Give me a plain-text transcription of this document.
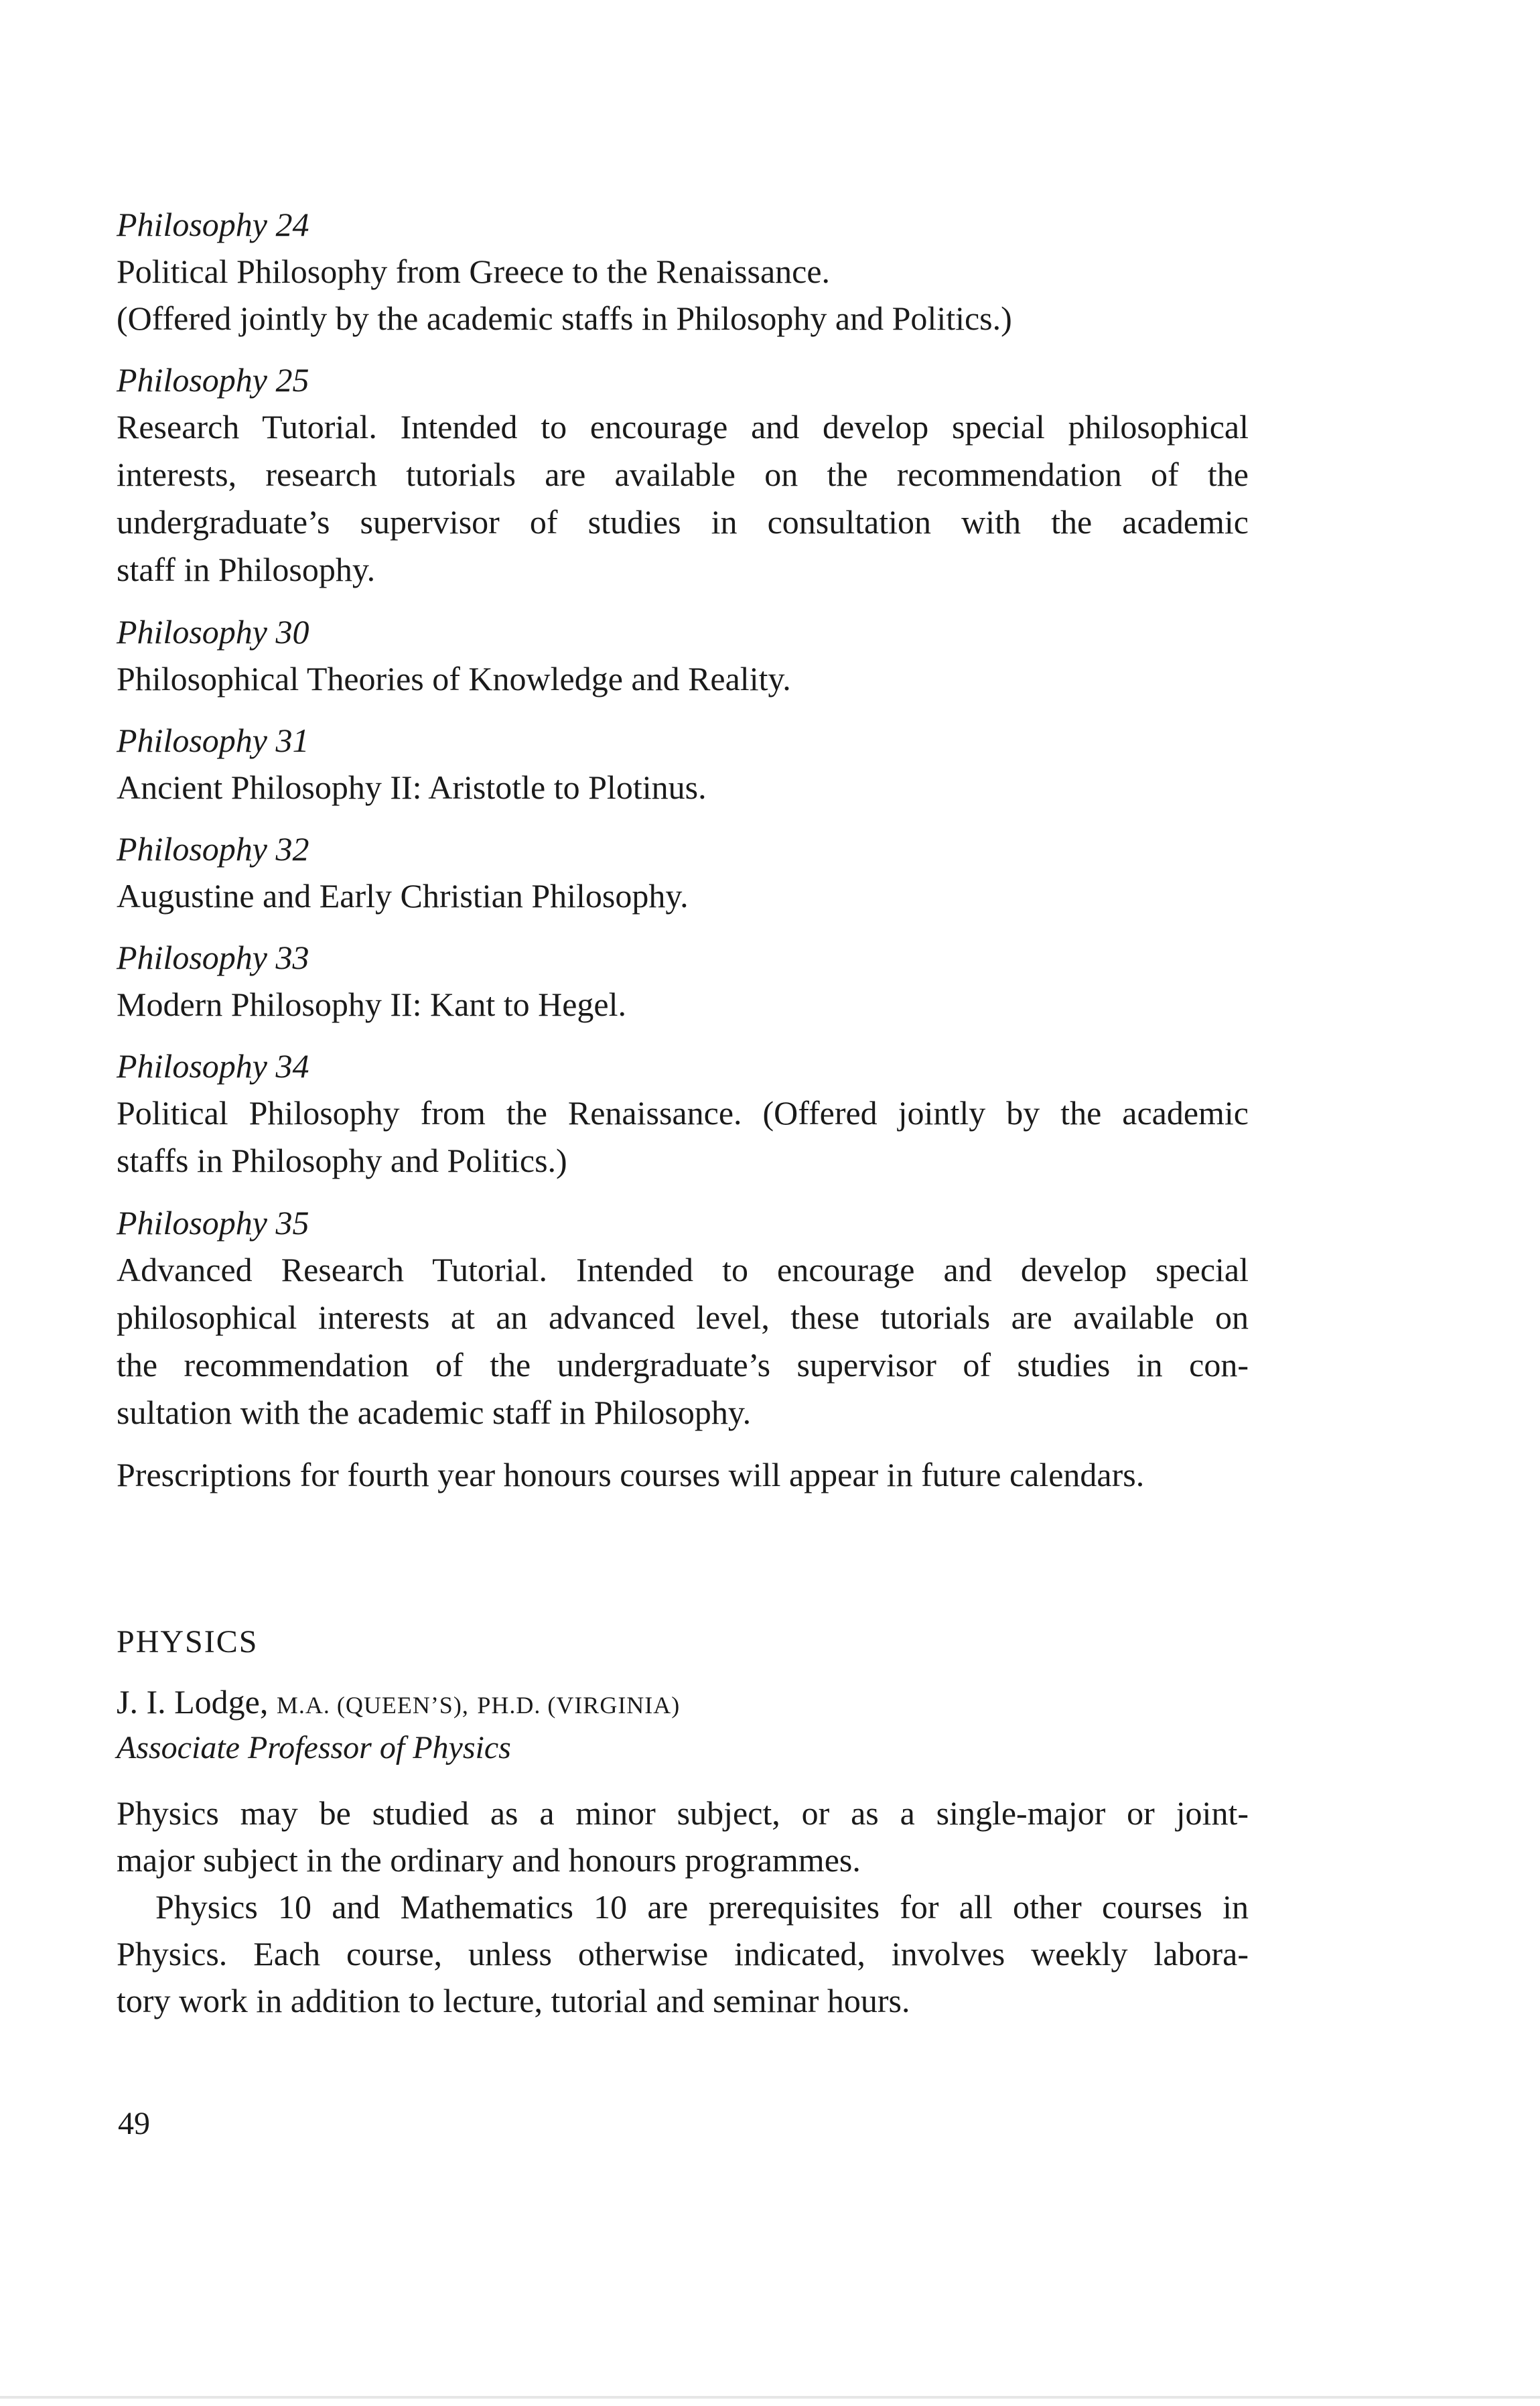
Philosophy 24
Political Philosophy from Greece to the Renaissance.
(Offered jointly by the academic staffs in Philosophy and Politics.)
Philosophy 25
Research Tutorial. Intended to encourage and develop special philosophical
interests, research tutorials are available on the recommendation of the
undergraduate’s supervisor of studies in consultation with the academic
staff in Philosophy.
Philosophy 30
Philosophical Theories of Knowledge and Reality.
Philosophy 31
Ancient Philosophy II: Aristotle to Plotinus.
Philosophy 32
Augustine and Early Christian Philosophy.
Philosophy 33
Modern Philosophy II: Kant to Hegel.
Philosophy 34
Political Philosophy from the Renaissance. (Offered jointly by the academic
staffs in Philosophy and Politics.)
Philosophy 35
Advanced Research Tutorial. Intended to encourage and develop special
philosophical interests at an advanced level, these tutorials are available on
the recommendation of the undergraduate’s supervisor of studies in con-
sultation with the academic staff in Philosophy.
Prescriptions for fourth year honours courses will appear in future calendars.
PHYSICS
J. I. Lodge, M.A. (QUEEN’S), PH.D. (VIRGINIA)
Associate Professor of Physics
Physics may be studied as a minor subject, or as a single-major or joint-
major subject in the ordinary and honours programmes.
Physics 10 and Mathematics 10 are prerequisites for all other courses in
Physics. Each course, unless otherwise indicated, involves weekly labora-
tory work in addition to lecture, tutorial and seminar hours.
49
